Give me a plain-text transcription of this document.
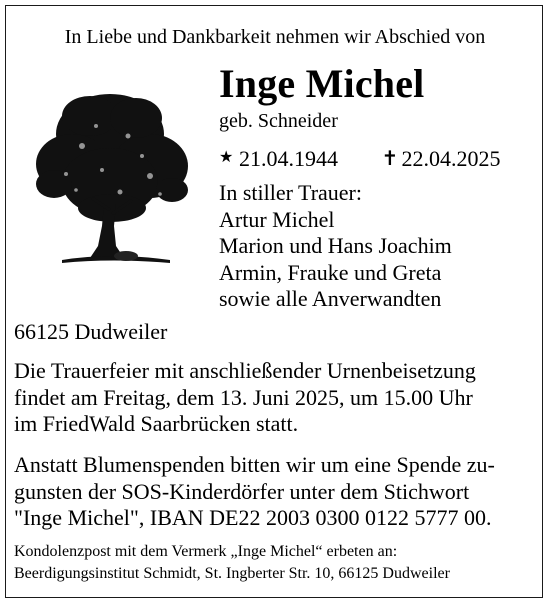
In Liebe und Dankbarkeit nehmen wir Abschied von
Inge Michel
geb. Schneider
★ 21.04.1944 ✝ 22.04.2025
In stiller Trauer:
Artur Michel
Marion und Hans Joachim
Armin, Frauke und Greta
sowie alle Anverwandten
66125 Dudweiler
Die Trauerfeier mit anschließender Urnenbeisetzung
findet am Freitag, dem 13. Juni 2025, um 15.00 Uhr
im FriedWald Saarbrücken statt.
Anstatt Blumenspenden bitten wir um eine Spende zu-
gunsten der SOS-Kinderdörfer unter dem Stichwort
"Inge Michel", IBAN DE22 2003 0300 0122 5777 00.
Kondolenzpost mit dem Vermerk „Inge Michel“ erbeten an:
Beerdigungsinstitut Schmidt, St. Ingberter Str. 10, 66125 Dudweiler
